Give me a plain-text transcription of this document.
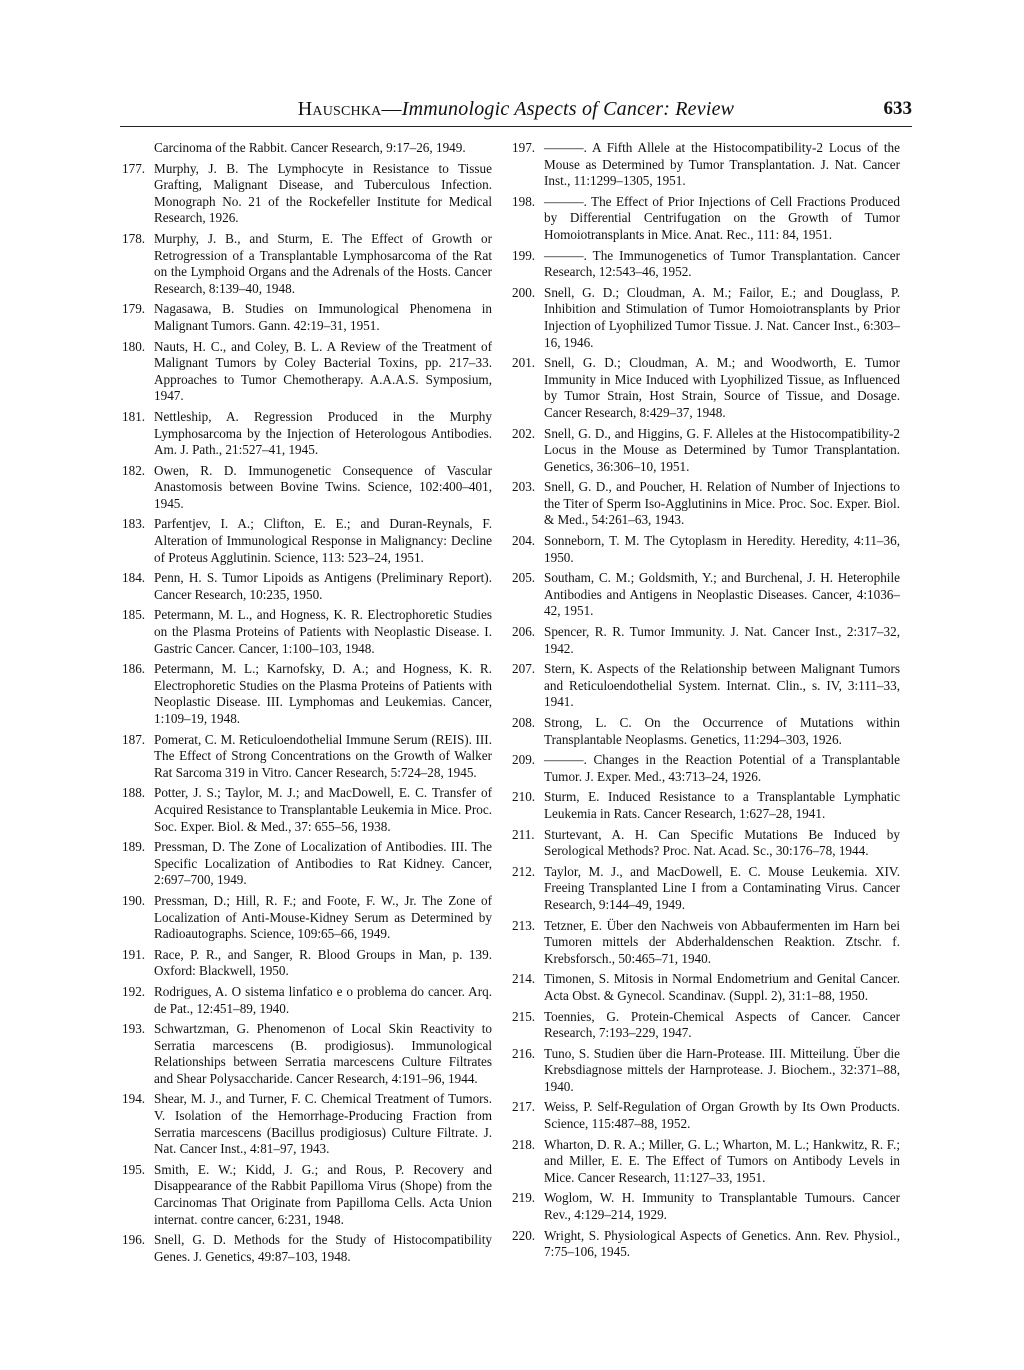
Hauschka—Immunologic Aspects of Cancer: Review	633
Carcinoma of the Rabbit. Cancer Research, 9:17–26, 1949.
177. Murphy, J. B. The Lymphocyte in Resistance to Tissue Grafting, Malignant Disease, and Tuberculous Infection. Monograph No. 21 of the Rockefeller Institute for Medical Research, 1926.
178. Murphy, J. B., and Sturm, E. The Effect of Growth or Retrogression of a Transplantable Lymphosarcoma of the Rat on the Lymphoid Organs and the Adrenals of the Hosts. Cancer Research, 8:139–40, 1948.
179. Nagasawa, B. Studies on Immunological Phenomena in Malignant Tumors. Gann. 42:19–31, 1951.
180. Nauts, H. C., and Coley, B. L. A Review of the Treatment of Malignant Tumors by Coley Bacterial Toxins, pp. 217–33. Approaches to Tumor Chemotherapy. A.A.A.S. Symposium, 1947.
181. Nettleship, A. Regression Produced in the Murphy Lymphosarcoma by the Injection of Heterologous Antibodies. Am. J. Path., 21:527–41, 1945.
182. Owen, R. D. Immunogenetic Consequence of Vascular Anastomosis between Bovine Twins. Science, 102:400–401, 1945.
183. Parfentjev, I. A.; Clifton, E. E.; and Duran-Reynals, F. Alteration of Immunological Response in Malignancy: Decline of Proteus Agglutinin. Science, 113: 523–24, 1951.
184. Penn, H. S. Tumor Lipoids as Antigens (Preliminary Report). Cancer Research, 10:235, 1950.
185. Petermann, M. L., and Hogness, K. R. Electrophoretic Studies on the Plasma Proteins of Patients with Neoplastic Disease. I. Gastric Cancer. Cancer, 1:100–103, 1948.
186. Petermann, M. L.; Karnofsky, D. A.; and Hogness, K. R. Electrophoretic Studies on the Plasma Proteins of Patients with Neoplastic Disease. III. Lymphomas and Leukemias. Cancer, 1:109–19, 1948.
187. Pomerat, C. M. Reticuloendothelial Immune Serum (REIS). III. The Effect of Strong Concentrations on the Growth of Walker Rat Sarcoma 319 in Vitro. Cancer Research, 5:724–28, 1945.
188. Potter, J. S.; Taylor, M. J.; and MacDowell, E. C. Transfer of Acquired Resistance to Transplantable Leukemia in Mice. Proc. Soc. Exper. Biol. & Med., 37: 655–56, 1938.
189. Pressman, D. The Zone of Localization of Antibodies. III. The Specific Localization of Antibodies to Rat Kidney. Cancer, 2:697–700, 1949.
190. Pressman, D.; Hill, R. F.; and Foote, F. W., Jr. The Zone of Localization of Anti-Mouse-Kidney Serum as Determined by Radioautographs. Science, 109:65–66, 1949.
191. Race, P. R., and Sanger, R. Blood Groups in Man, p. 139. Oxford: Blackwell, 1950.
192. Rodrigues, A. O sistema linfatico e o problema do cancer. Arq. de Pat., 12:451–89, 1940.
193. Schwartzman, G. Phenomenon of Local Skin Reactivity to Serratia marcescens (B. prodigiosus). Immunological Relationships between Serratia marcescens Culture Filtrates and Shear Polysaccharide. Cancer Research, 4:191–96, 1944.
194. Shear, M. J., and Turner, F. C. Chemical Treatment of Tumors. V. Isolation of the Hemorrhage-Producing Fraction from Serratia marcescens (Bacillus prodigiosus) Culture Filtrate. J. Nat. Cancer Inst., 4:81–97, 1943.
195. Smith, E. W.; Kidd, J. G.; and Rous, P. Recovery and Disappearance of the Rabbit Papilloma Virus (Shope) from the Carcinomas That Originate from Papilloma Cells. Acta Union internat. contre cancer, 6:231, 1948.
196. Snell, G. D. Methods for the Study of Histocompatibility Genes. J. Genetics, 49:87–103, 1948.
197. ———. A Fifth Allele at the Histocompatibility-2 Locus of the Mouse as Determined by Tumor Transplantation. J. Nat. Cancer Inst., 11:1299–1305, 1951.
198. ———. The Effect of Prior Injections of Cell Fractions Produced by Differential Centrifugation on the Growth of Tumor Homoiotransplants in Mice. Anat. Rec., 111: 84, 1951.
199. ———. The Immunogenetics of Tumor Transplantation. Cancer Research, 12:543–46, 1952.
200. Snell, G. D.; Cloudman, A. M.; Failor, E.; and Douglass, P. Inhibition and Stimulation of Tumor Homoiotransplants by Prior Injection of Lyophilized Tumor Tissue. J. Nat. Cancer Inst., 6:303–16, 1946.
201. Snell, G. D.; Cloudman, A. M.; and Woodworth, E. Tumor Immunity in Mice Induced with Lyophilized Tissue, as Influenced by Tumor Strain, Host Strain, Source of Tissue, and Dosage. Cancer Research, 8:429–37, 1948.
202. Snell, G. D., and Higgins, G. F. Alleles at the Histocompatibility-2 Locus in the Mouse as Determined by Tumor Transplantation. Genetics, 36:306–10, 1951.
203. Snell, G. D., and Poucher, H. Relation of Number of Injections to the Titer of Sperm Iso-Agglutinins in Mice. Proc. Soc. Exper. Biol. & Med., 54:261–63, 1943.
204. Sonneborn, T. M. The Cytoplasm in Heredity. Heredity, 4:11–36, 1950.
205. Southam, C. M.; Goldsmith, Y.; and Burchenal, J. H. Heterophile Antibodies and Antigens in Neoplastic Diseases. Cancer, 4:1036–42, 1951.
206. Spencer, R. R. Tumor Immunity. J. Nat. Cancer Inst., 2:317–32, 1942.
207. Stern, K. Aspects of the Relationship between Malignant Tumors and Reticuloendothelial System. Internat. Clin., s. IV, 3:111–33, 1941.
208. Strong, L. C. On the Occurrence of Mutations within Transplantable Neoplasms. Genetics, 11:294–303, 1926.
209. ———. Changes in the Reaction Potential of a Transplantable Tumor. J. Exper. Med., 43:713–24, 1926.
210. Sturm, E. Induced Resistance to a Transplantable Lymphatic Leukemia in Rats. Cancer Research, 1:627–28, 1941.
211. Sturtevant, A. H. Can Specific Mutations Be Induced by Serological Methods? Proc. Nat. Acad. Sc., 30:176–78, 1944.
212. Taylor, M. J., and MacDowell, E. C. Mouse Leukemia. XIV. Freeing Transplanted Line I from a Contaminating Virus. Cancer Research, 9:144–49, 1949.
213. Tetzner, E. Über den Nachweis von Abbaufermenten im Harn bei Tumoren mittels der Abderhaldenschen Reaktion. Ztschr. f. Krebsforsch., 50:465–71, 1940.
214. Timonen, S. Mitosis in Normal Endometrium and Genital Cancer. Acta Obst. & Gynecol. Scandinav. (Suppl. 2), 31:1–88, 1950.
215. Toennies, G. Protein-Chemical Aspects of Cancer. Cancer Research, 7:193–229, 1947.
216. Tuno, S. Studien über die Harn-Protease. III. Mitteilung. Über die Krebsdiagnose mittels der Harnprotease. J. Biochem., 32:371–88, 1940.
217. Weiss, P. Self-Regulation of Organ Growth by Its Own Products. Science, 115:487–88, 1952.
218. Wharton, D. R. A.; Miller, G. L.; Wharton, M. L.; Hankwitz, R. F.; and Miller, E. E. The Effect of Tumors on Antibody Levels in Mice. Cancer Research, 11:127–33, 1951.
219. Woglom, W. H. Immunity to Transplantable Tumours. Cancer Rev., 4:129–214, 1929.
220. Wright, S. Physiological Aspects of Genetics. Ann. Rev. Physiol., 7:75–106, 1945.
